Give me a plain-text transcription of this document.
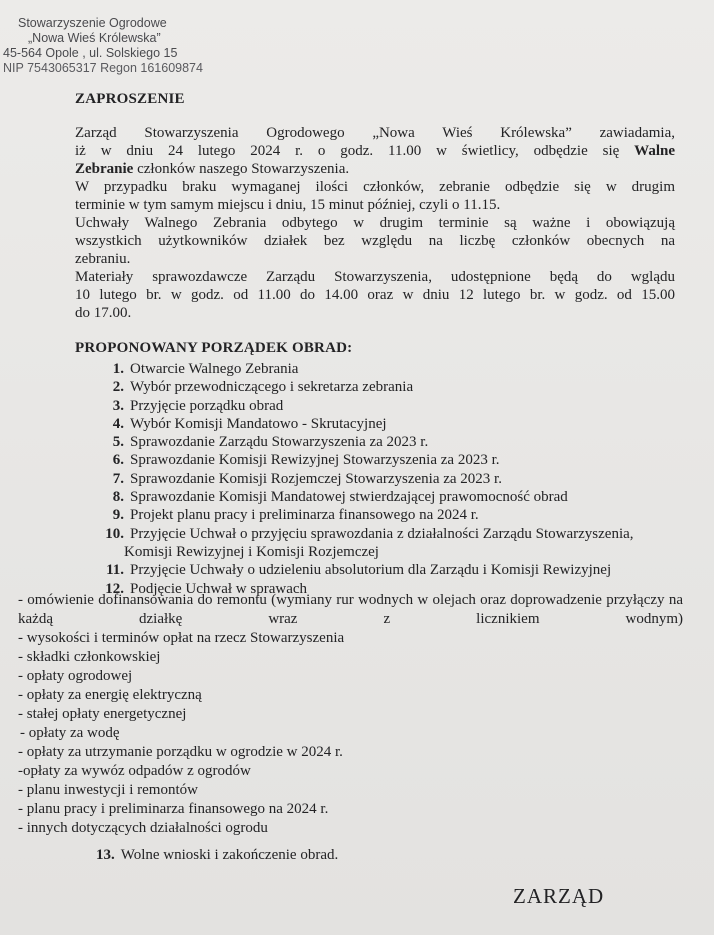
Stowarzyszenie Ogrodowe
„Nowa Wieś Królewska”
45-564 Opole , ul. Solskiego 15
NIP 7543065317 Regon 161609874
ZAPROSZENIE

Zarząd Stowarzyszenia Ogrodowego „Nowa Wieś Królewska” zawiadamia,

iż w dniu 24 lutego 2024 r. o godz. 11.00 w świetlicy, odbędzie się Walne

Zebranie członków naszego Stowarzyszenia.

W przypadku braku wymaganej ilości członków, zebranie odbędzie się w drugim

terminie w tym samym miejscu i dniu, 15 minut później, czyli o 11.15.

Uchwały Walnego Zebrania odbytego w drugim terminie są ważne i obowiązują

wszystkich użytkowników działek bez względu na liczbę członków obecnych na

zebraniu.

Materiały sprawozdawcze Zarządu Stowarzyszenia, udostępnione będą do wglądu

10 lutego br. w godz. od 11.00 do 14.00 oraz w dniu 12 lutego br. w godz. od 15.00

do 17.00.

PROPONOWANY PORZĄDEK OBRAD:
1. Otwarcie Walnego Zebrania
2. Wybór przewodniczącego i sekretarza zebrania
3. Przyjęcie porządku obrad
4. Wybór Komisji Mandatowo - Skrutacyjnej
5. Sprawozdanie Zarządu Stowarzyszenia za 2023 r.
6. Sprawozdanie Komisji Rewizyjnej Stowarzyszenia za 2023 r.
7. Sprawozdanie Komisji Rozjemczej Stowarzyszenia za 2023 r.
8. Sprawozdanie Komisji Mandatowej stwierdzającej prawomocność obrad
9. Projekt planu pracy i preliminarza finansowego na 2024 r.
10. Przyjęcie Uchwał o przyjęciu sprawozdania z działalności Zarządu Stowarzyszenia,
Komisji Rewizyjnej i Komisji Rozjemczej
11. Przyjęcie Uchwały o udzieleniu absolutorium dla Zarządu i Komisji Rewizyjnej
12. Podjęcie Uchwał w sprawach
- omówienie dofinansowania do remontu (wymiany rur wodnych w olejach oraz doprowadzenie przyłączy na każdą działkę wraz z licznikiem wodnym)
- wysokości i terminów opłat na rzecz Stowarzyszenia
- składki członkowskiej
- opłaty ogrodowej
- opłaty za energię elektryczną
- stałej opłaty energetycznej
- opłaty za wodę
- opłaty za utrzymanie porządku w ogrodzie w 2024 r.
-opłaty za wywóz odpadów z ogrodów
- planu inwestycji i remontów
- planu pracy i preliminarza finansowego na 2024 r.
- innych dotyczących działalności ogrodu
13. Wolne wnioski i zakończenie obrad.
ZARZĄD
